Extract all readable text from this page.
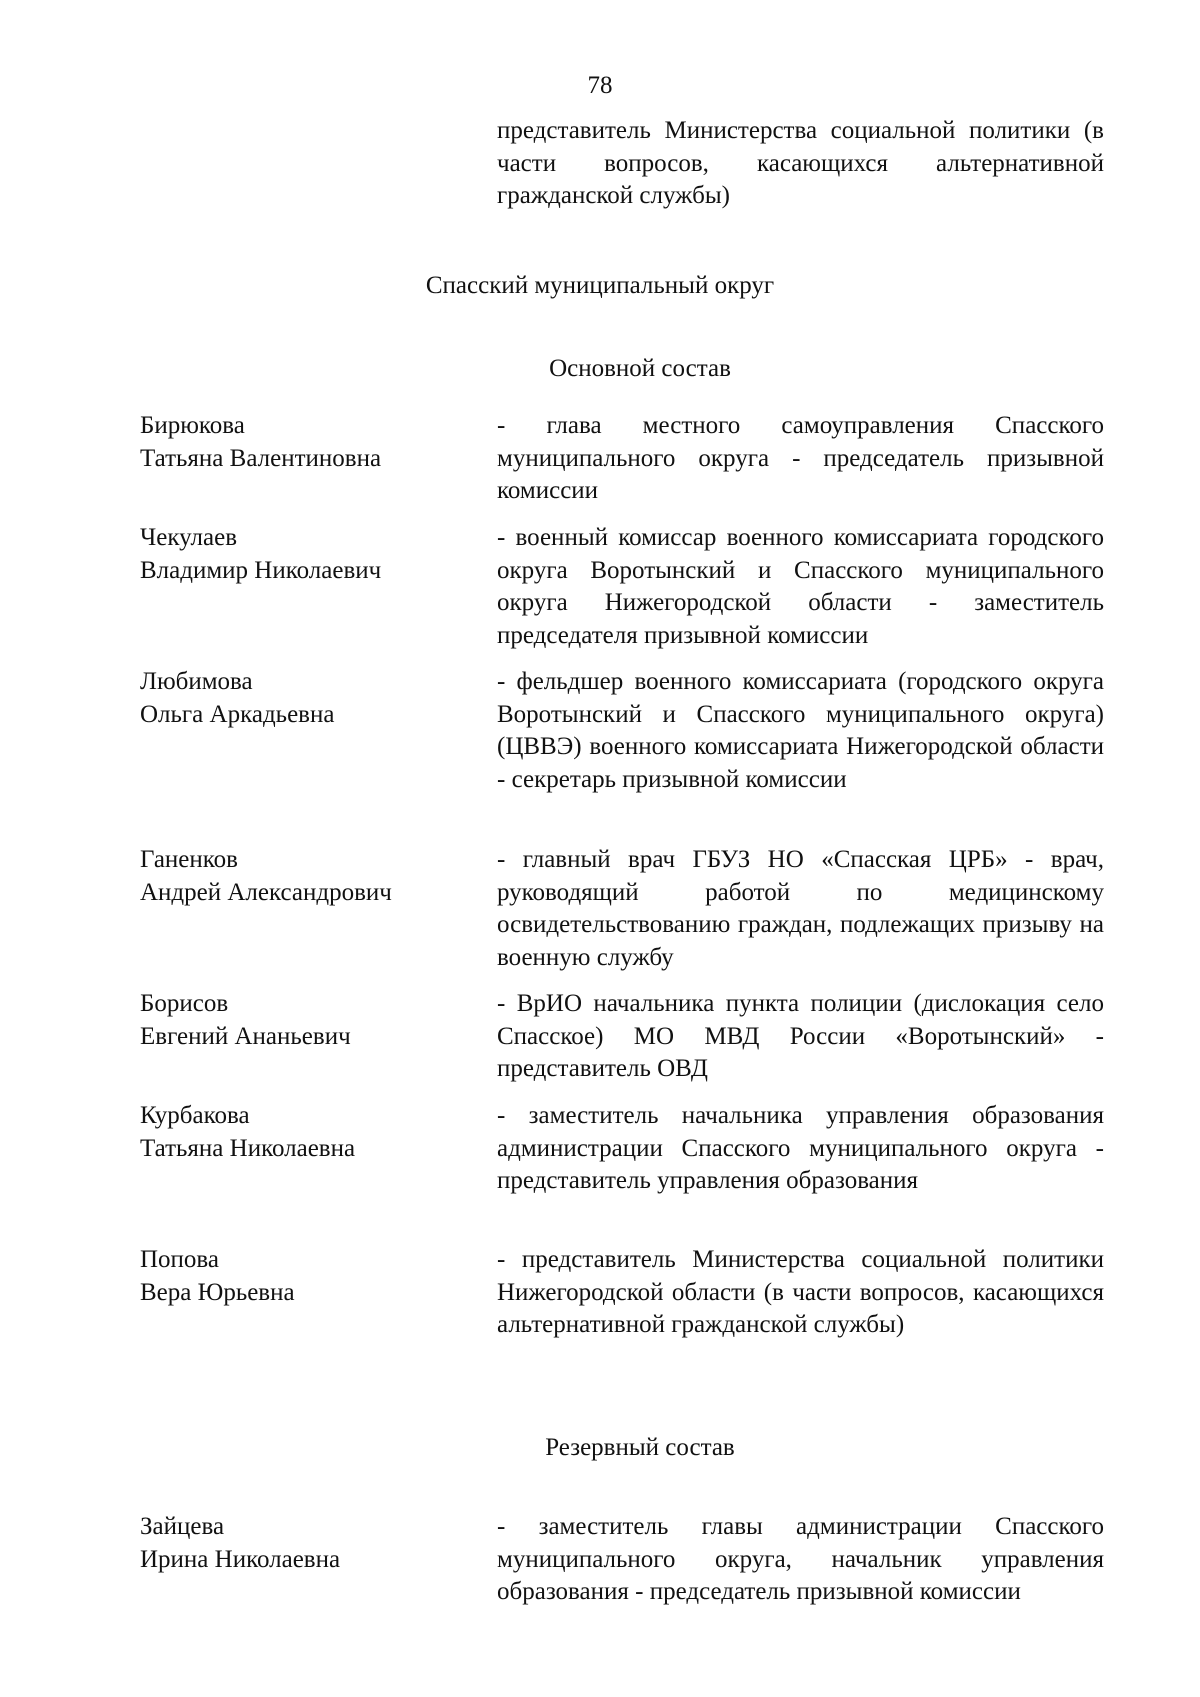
78

представитель Министерства социальной политики (в части вопросов, касающихся альтернативной гражданской службы)

Спасский муниципальный округ
Основной состав

Бирюкова
Татьяна Валентиновна

- глава местного самоуправления Спасского муниципального округа - председатель призывной комиссии

Чекулаев
Владимир Николаевич

- военный комиссар военного комиссариата городского округа Воротынский и Спасского муниципального округа Нижегородской области - заместитель председателя призывной комиссии

Любимова
Ольга Аркадьевна

- фельдшер военного комиссариата (городского округа Воротынский и Спасского муниципального округа) (ЦВВЭ) военного комиссариата Нижегородской области - секретарь призывной комиссии

Ганенков
Андрей Александрович

- главный врач ГБУЗ НО «Спасская ЦРБ» - врач, руководящий работой по медицинскому освидетельствованию граждан, подлежащих призыву на военную службу

Борисов
Евгений Ананьевич

- ВрИО начальника пункта полиции (дислокация село Спасское) МО МВД России «Воротынский» - представитель ОВД

Курбакова
Татьяна Николаевна

- заместитель начальника управления образования администрации Спасского муниципального округа - представитель управления образования

Попова
Вера Юрьевна

- представитель Министерства социальной политики Нижегородской области (в части вопросов, касающихся альтернативной гражданской службы)

Резервный состав

Зайцева
Ирина Николаевна

- заместитель главы администрации Спасского муниципального округа, начальник управления образования - председатель призывной комиссии
